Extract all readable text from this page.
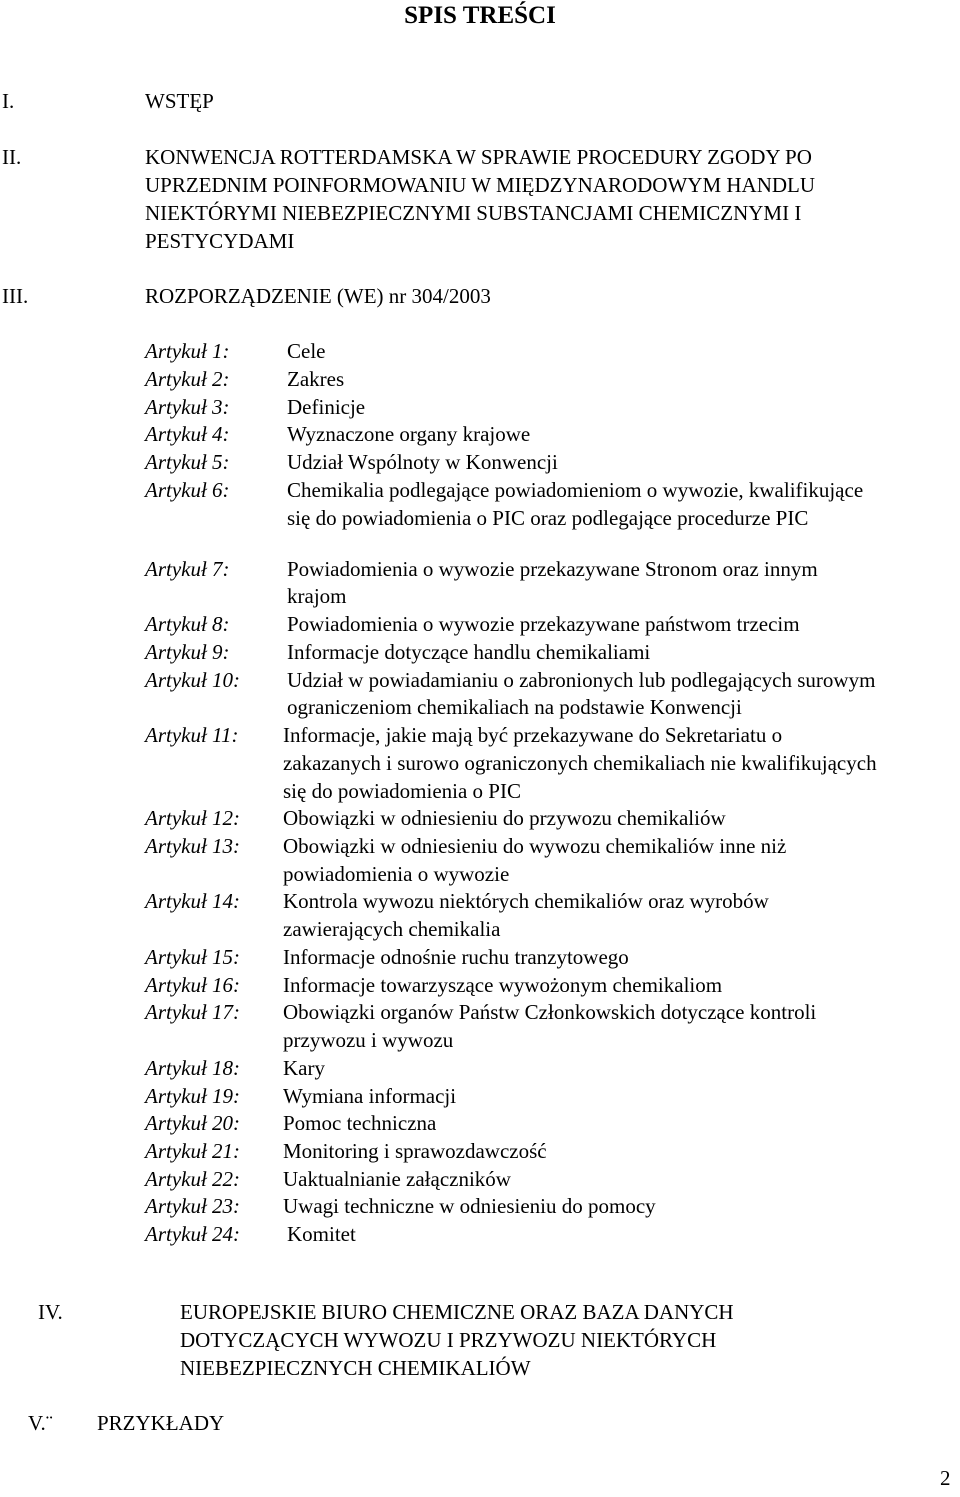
SPIS TREŚCI
I.	WSTĘP
II.	KONWENCJA ROTTERDAMSKA W SPRAWIE PROCEDURY ZGODY PO
UPRZEDNIM POINFORMOWANIU W MIĘDZYNARODOWYM HANDLU
NIEKTÓRYMI NIEBEZPIECZNYMI SUBSTANCJAMI CHEMICZNYMI I
PESTYCYDAMI
III.	ROZPORZĄDZENIE (WE) nr 304/2003
Artykuł 1:	Cele
Artykuł 2:	Zakres
Artykuł 3:	Definicje
Artykuł 4:	Wyznaczone organy krajowe
Artykuł 5:	Udział Wspólnoty w Konwencji
Artykuł 6:	Chemikalia podlegające powiadomieniom o wywozie, kwalifikujące
się do powiadomienia o PIC oraz podlegające procedurze PIC
Artykuł 7:	Powiadomienia o wywozie przekazywane Stronom oraz innym
krajom
Artykuł 8:	Powiadomienia o wywozie przekazywane państwom trzecim
Artykuł 9:	Informacje dotyczące handlu chemikaliami
Artykuł 10: Udział w powiadamianiu o zabronionych lub podlegających surowym
ograniczeniom chemikaliach na podstawie Konwencji
Artykuł 11: Informacje, jakie mają być przekazywane do Sekretariatu o
zakazanych i surowo ograniczonych chemikaliach nie kwalifikujących
się do powiadomienia o PIC
Artykuł 12: Obowiązki w odniesieniu do przywozu chemikaliów
Artykuł 13: Obowiązki w odniesieniu do wywozu chemikaliów inne niż
powiadomienia o wywozie
Artykuł 14: Kontrola wywozu niektórych chemikaliów oraz wyrobów
zawierających chemikalia
Artykuł 15: Informacje odnośnie ruchu tranzytowego
Artykuł 16: Informacje towarzyszące wywożonym chemikaliom
Artykuł 17: Obowiązki organów Państw Członkowskich dotyczące kontroli
przywozu i wywozu
Artykuł 18: Kary
Artykuł 19: Wymiana informacji
Artykuł 20: Pomoc techniczna
Artykuł 21: Monitoring i sprawozdawczość
Artykuł 22: Uaktualnianie załączników
Artykuł 23: Uwagi techniczne w odniesieniu do pomocy
Artykuł 24: Komitet
IV.	EUROPEJSKIE BIURO CHEMICZNE ORAZ BAZA DANYCH
DOTYCZĄCYCH WYWOZU I PRZYWOZU NIEKTÓRYCH
NIEBEZPIECZNYCH CHEMIKALIÓW
V.¨ PRZYKŁADY
2
